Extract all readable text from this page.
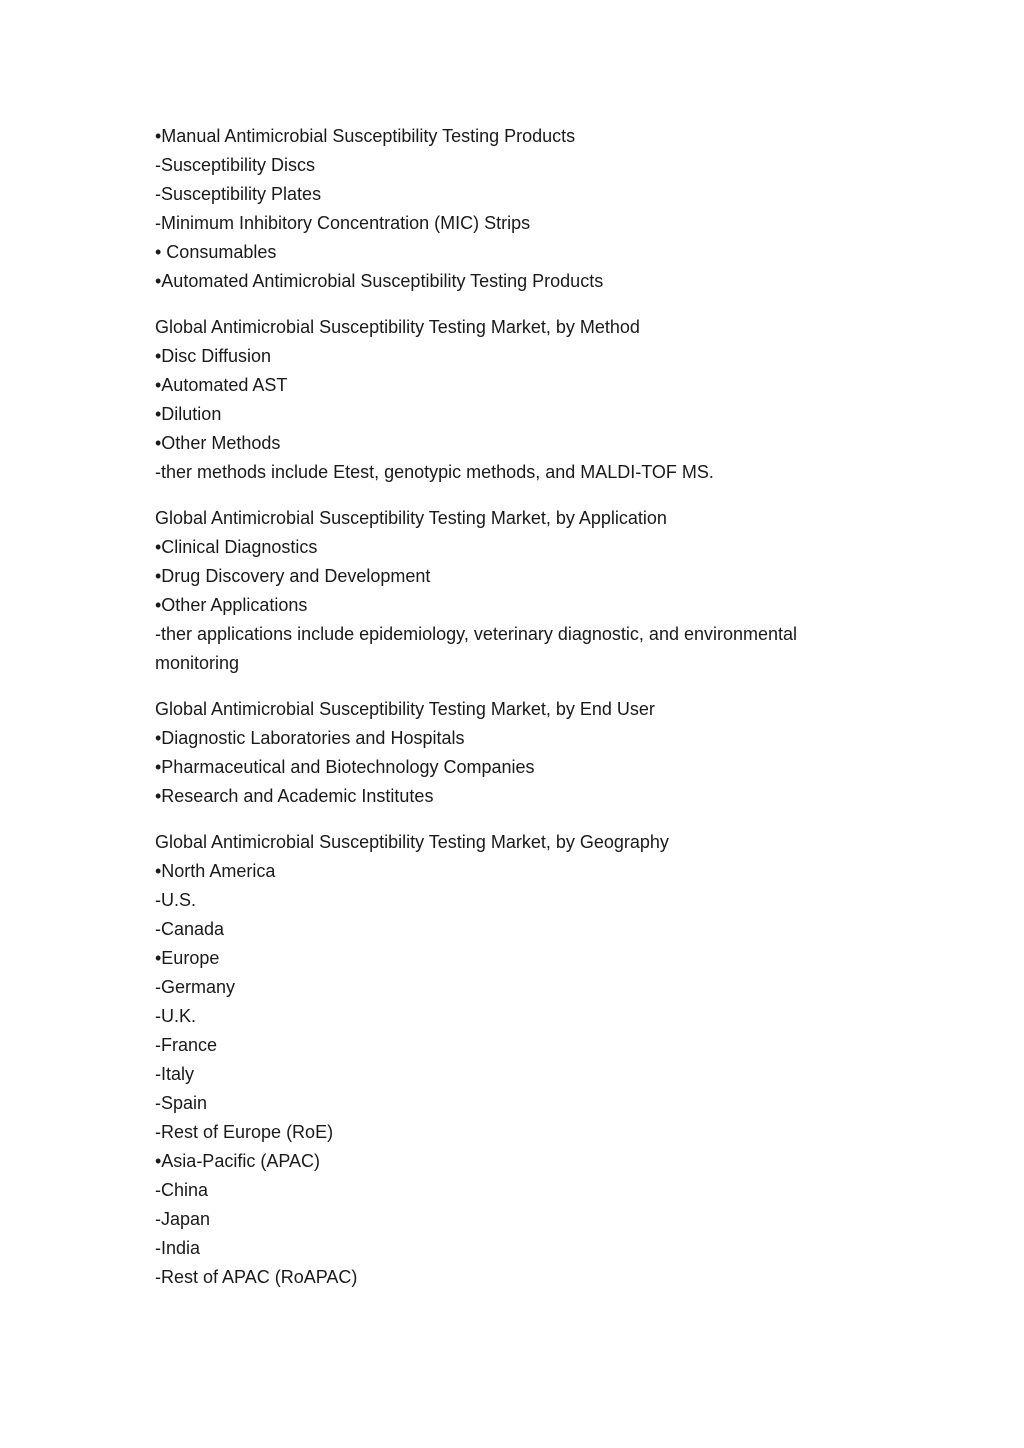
•Manual Antimicrobial Susceptibility Testing Products

-Susceptibility Discs

-Susceptibility Plates

-Minimum Inhibitory Concentration (MIC) Strips

• Consumables

•Automated Antimicrobial Susceptibility Testing Products

Global Antimicrobial Susceptibility Testing Market, by Method

•Disc Diffusion

•Automated AST

•Dilution

•Other Methods

-ther methods include Etest, genotypic methods, and MALDI-TOF MS.

Global Antimicrobial Susceptibility Testing Market, by Application

•Clinical Diagnostics

•Drug Discovery and Development

•Other Applications

-ther applications include epidemiology, veterinary diagnostic, and environmental

monitoring

Global Antimicrobial Susceptibility Testing Market, by End User

•Diagnostic Laboratories and Hospitals

•Pharmaceutical and Biotechnology Companies

•Research and Academic Institutes

Global Antimicrobial Susceptibility Testing Market, by Geography

•North America

-U.S.

-Canada

•Europe

-Germany

-U.K.

-France

-Italy

-Spain

-Rest of Europe (RoE)

•Asia-Pacific (APAC)

-China

-Japan

-India

-Rest of APAC (RoAPAC)
